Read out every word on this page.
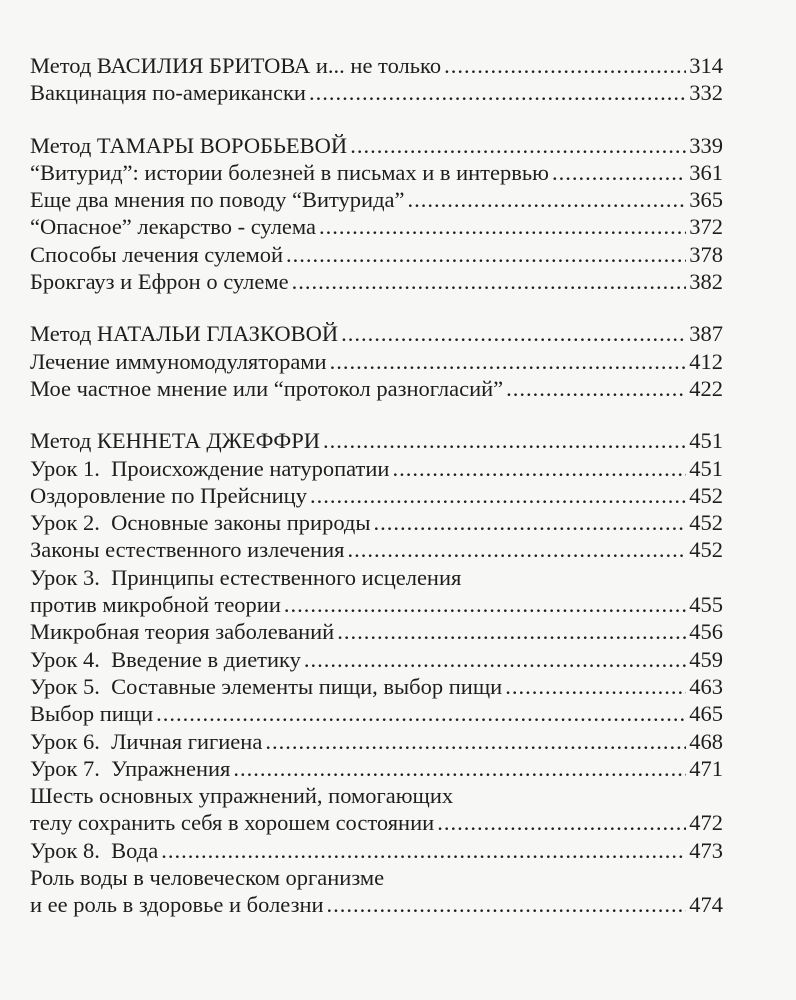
Метод ВАСИЛИЯ БРИТОВА и... не только .....	314
Вакцинация по-американски .....	332
Метод ТАМАРЫ ВОРОБЬЕВОЙ .....	339
“Витурид”: истории болезней в письмах и в интервью .....	361
Еще два мнения по поводу “Витурида” .....	365
“Опасное” лекарство - сулема .....	372
Способы лечения сулемой .....	378
Брокгауз и Ефрон о сулеме .....	382
Метод НАТАЛЬИ ГЛАЗКОВОЙ .....	387
Лечение иммуномодуляторами .....	412
Мое частное мнение или “протокол разногласий” .....	422
Метод КЕННЕТА ДЖЕФФРИ .....	451
Урок 1.  Происхождение натуропатии .....	451
Оздоровление по Прейсницу .....	452
Урок 2.  Основные законы природы .....	452
Законы естественного излечения .....	452
Урок 3.  Принципы естественного исцеления
против микробной теории .....	455
Микробная теория заболеваний .....	456
Урок 4.  Введение в диетику .....	459
Урок 5.  Составные элементы пищи, выбор пищи .....	463
Выбор пищи .....	465
Урок 6.  Личная гигиена .....	468
Урок 7.  Упражнения .....	471
Шесть основных упражнений, помогающих
телу сохранить себя в хорошем состоянии .....	472
Урок 8.  Вода .....	473
Роль воды в человеческом организме
и ее роль в здоровье и болезни .....	474
